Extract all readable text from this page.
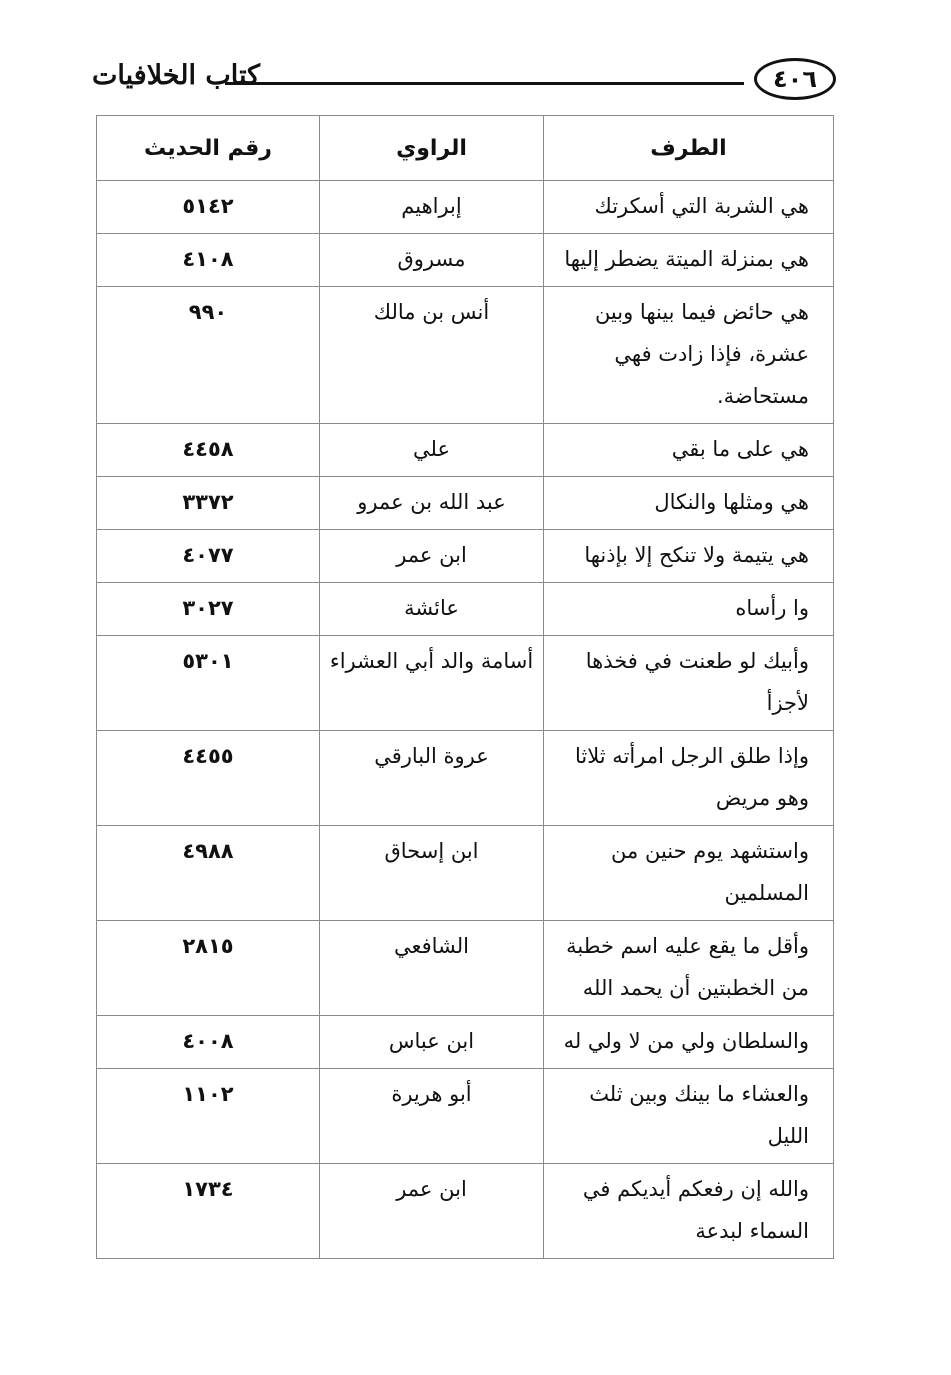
كتاب الخلافيات	٤٠٦
الطرف	الراوي	رقم الحديث
هي الشربة التي أسكرتك	إبراهيم	٥١٤٢
هي بمنزلة الميتة يضطر إليها	مسروق	٤١٠٨
هي حائض فيما بينها وبين عشرة، فإذا زادت فهي مستحاضة.	أنس بن مالك	٩٩٠
هي على ما بقي	علي	٤٤٥٨
هي ومثلها والنكال	عبد الله بن عمرو	٣٣٧٢
هي يتيمة ولا تنكح إلا بإذنها	ابن عمر	٤٠٧٧
وا رأساه	عائشة	٣٠٢٧
وأبيك لو طعنت في فخذها لأجزأ	أسامة والد أبي العشراء	٥٣٠١
وإذا طلق الرجل امرأته ثلاثا وهو مريض	عروة البارقي	٤٤٥٥
واستشهد يوم حنين من المسلمين	ابن إسحاق	٤٩٨٨
وأقل ما يقع عليه اسم خطبة من الخطبتين أن يحمد الله	الشافعي	٢٨١٥
والسلطان ولي من لا ولي له	ابن عباس	٤٠٠٨
والعشاء ما بينك وبين ثلث الليل	أبو هريرة	١١٠٢
والله إن رفعكم أيديكم في السماء لبدعة	ابن عمر	١٧٣٤
